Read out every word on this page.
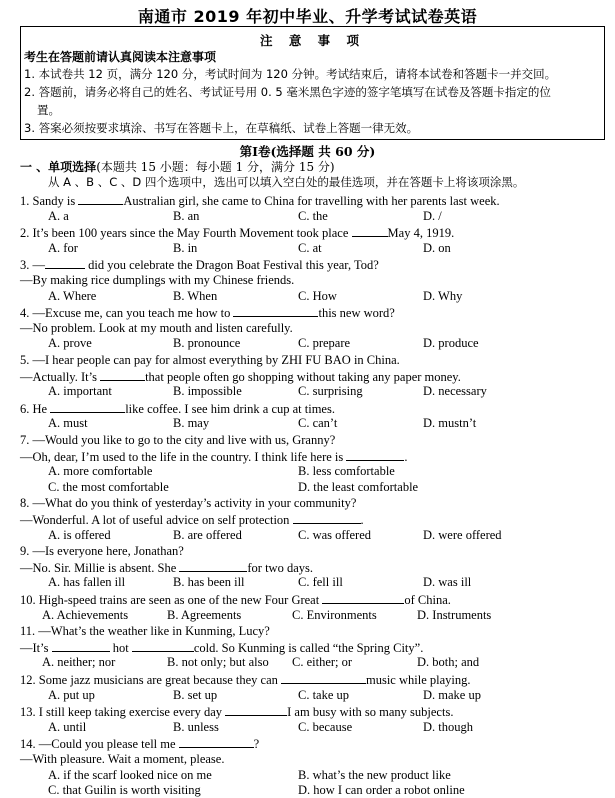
南通市 2019 年初中毕业、升学考试试卷英语
注 意 事 项
考生在答题前请认真阅读本注意事项
1. 本试卷共 12 页，满分 120 分，考试时间为 120 分钟。考试结束后，请将本试卷和答题卡一并交回。
2. 答题前，请务必将自己的姓名、考试证号用 0. 5 毫米黑色字迹的签字笔填写在试卷及答题卡指定的位
置。
3. 答案必须按要求填涂、书写在答题卡上，在草稿纸、试卷上答题一律无效。
第Ⅰ卷(选择题 共 60 分)
一 、单项选择(本题共 15 小题：每小题 1 分，满分 15 分)
从 A 、B 、C 、D 四个选项中，选出可以填入空白处的最佳选项，并在答题卡上将该项涂黑。
1. Sandy is	Australian girl, she came to China for travelling with her parents last week.
A. a	B. an	C. the	D. /
2. It’s been 100 years since the May Fourth Movement took place	May 4, 1919.
A. for	B. in	C. at	D. on
3. —	did you celebrate the Dragon Boat Festival this year, Tod?
—By making rice dumplings with my Chinese friends.
A. Where	B. When	C. How	D. Why
4. —Excuse me, can you teach me how to	this new word?
—No problem. Look at my mouth and listen carefully.
A. prove	B. pronounce	C. prepare	D. produce
5. —I hear people can pay for almost everything by ZHI FU BAO in China.
—Actually. It’s	that people often go shopping without taking any paper money.
A. important	B. impossible	C. surprising	D. necessary
6. He	like coffee. I see him drink a cup at times.
A. must	B. may	C. can’t	D. mustn’t
7. —Would you like to go to the city and live with us, Granny?
—Oh, dear, I’m used to the life in the country. I think life here is	.
A. more comfortable	B. less comfortable
C. the most comfortable	D. the least comfortable
8. —What do you think of yesterday’s activity in your community?
—Wonderful. A lot of useful advice on self protection	.
A. is offered	B. are offered	C. was offered	D. were offered
9. —Is everyone here, Jonathan?
—No. Sir. Millie is absent. She	for two days.
A. has fallen ill	B. has been ill	C. fell ill	D. was ill
10. High-speed trains are seen as one of the new Four Great	of China.
A. Achievements	B. Agreements	C. Environments	D. Instruments
11. —What’s the weather like in Kunming, Lucy?
—It’s	hot	cold. So Kunming is called “the Spring City”.
A. neither; nor	B. not only; but also C. either; or	D. both; and
12. Some jazz musicians are great because they can	music while playing.
A. put up	B. set up	C. take up	D. make up
13. I still keep taking exercise every day	I am busy with so many subjects.
A. until	B. unless	C. because	D. though
14. —Could you please tell me	?
—With pleasure. Wait a moment, please.
A. if the scarf looked nice on me	B. what’s the new product like
C. that Guilin is worth visiting	D. how I can order a robot online
